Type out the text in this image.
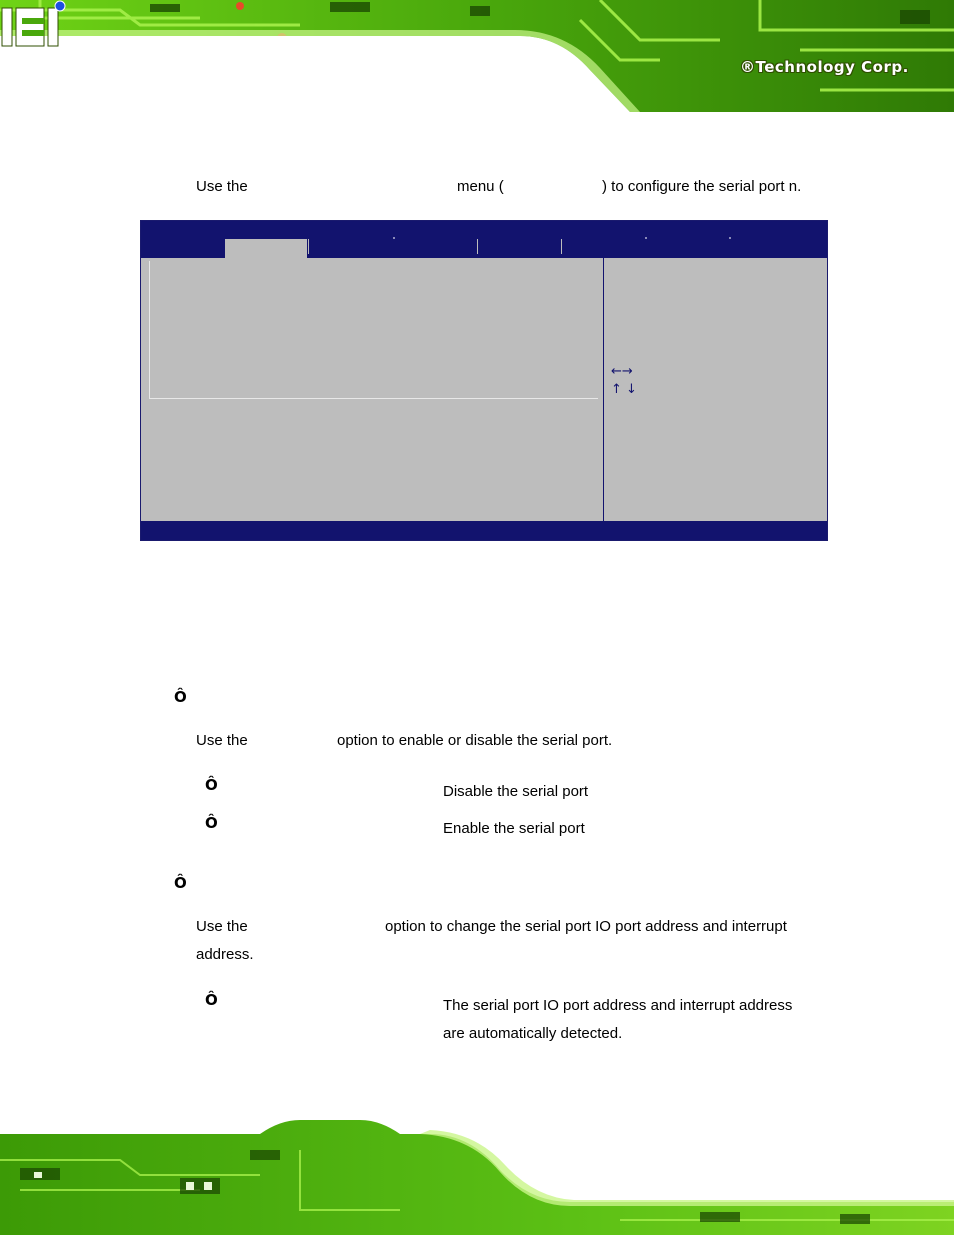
®Technology Corp.
Use the	menu (	) to configure the serial port n.
←→
↑ ↓
Ô
Use the	option to enable or disable the serial port.
Ô	Disable the serial port
Ô	Enable the serial port
Ô
Use the	option to change the serial port IO port address and interrupt
address.
Ô	The serial port IO port address and interrupt address
are automatically detected.
